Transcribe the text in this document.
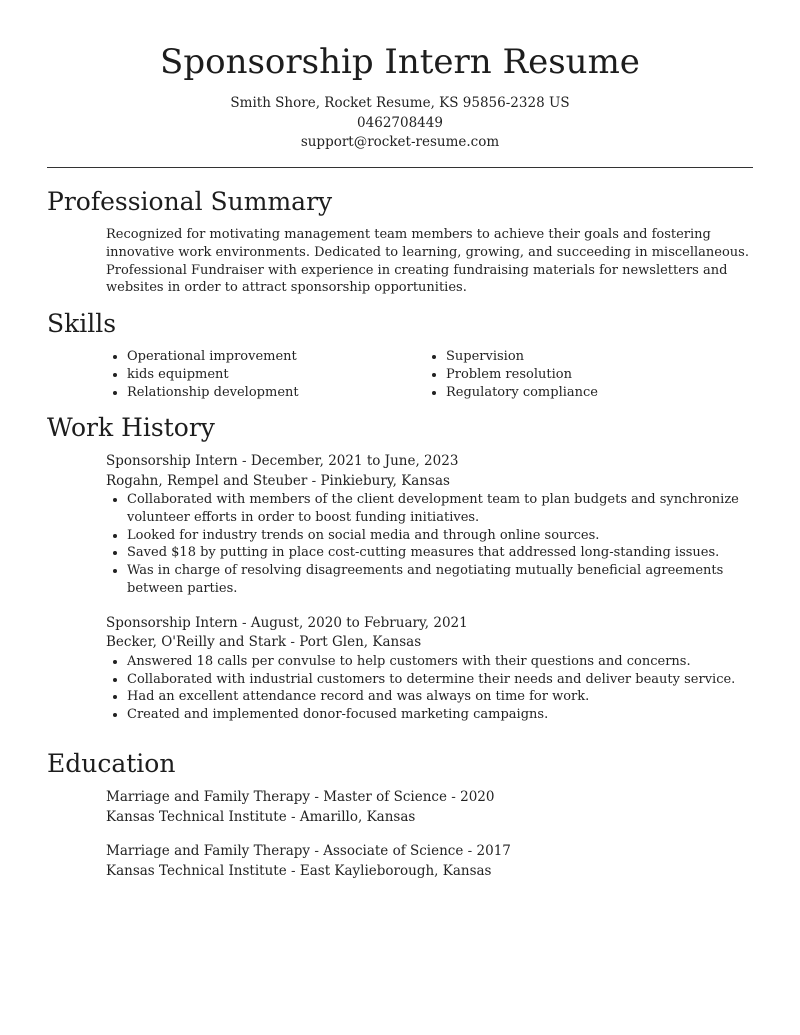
Sponsorship Intern Resume
Smith Shore, Rocket Resume, KS 95856-2328 US
0462708449
support@rocket-resume.com
Professional Summary
Recognized for motivating management team members to achieve their goals and fostering innovative work environments. Dedicated to learning, growing, and succeeding in miscellaneous. Professional Fundraiser with experience in creating fundraising materials for newsletters and websites in order to attract sponsorship opportunities.
Skills
• Operational improvement
• kids equipment
• Relationship development
• Supervision
• Problem resolution
• Regulatory compliance
Work History
Sponsorship Intern - December, 2021 to June, 2023
Rogahn, Rempel and Steuber - Pinkiebury, Kansas
• Collaborated with members of the client development team to plan budgets and synchronize volunteer efforts in order to boost funding initiatives.
• Looked for industry trends on social media and through online sources.
• Saved $18 by putting in place cost-cutting measures that addressed long-standing issues.
• Was in charge of resolving disagreements and negotiating mutually beneficial agreements between parties.
Sponsorship Intern - August, 2020 to February, 2021
Becker, O'Reilly and Stark - Port Glen, Kansas
• Answered 18 calls per convulse to help customers with their questions and concerns.
• Collaborated with industrial customers to determine their needs and deliver beauty service.
• Had an excellent attendance record and was always on time for work.
• Created and implemented donor-focused marketing campaigns.
Education
Marriage and Family Therapy - Master of Science - 2020
Kansas Technical Institute - Amarillo, Kansas
Marriage and Family Therapy - Associate of Science - 2017
Kansas Technical Institute - East Kaylieborough, Kansas
